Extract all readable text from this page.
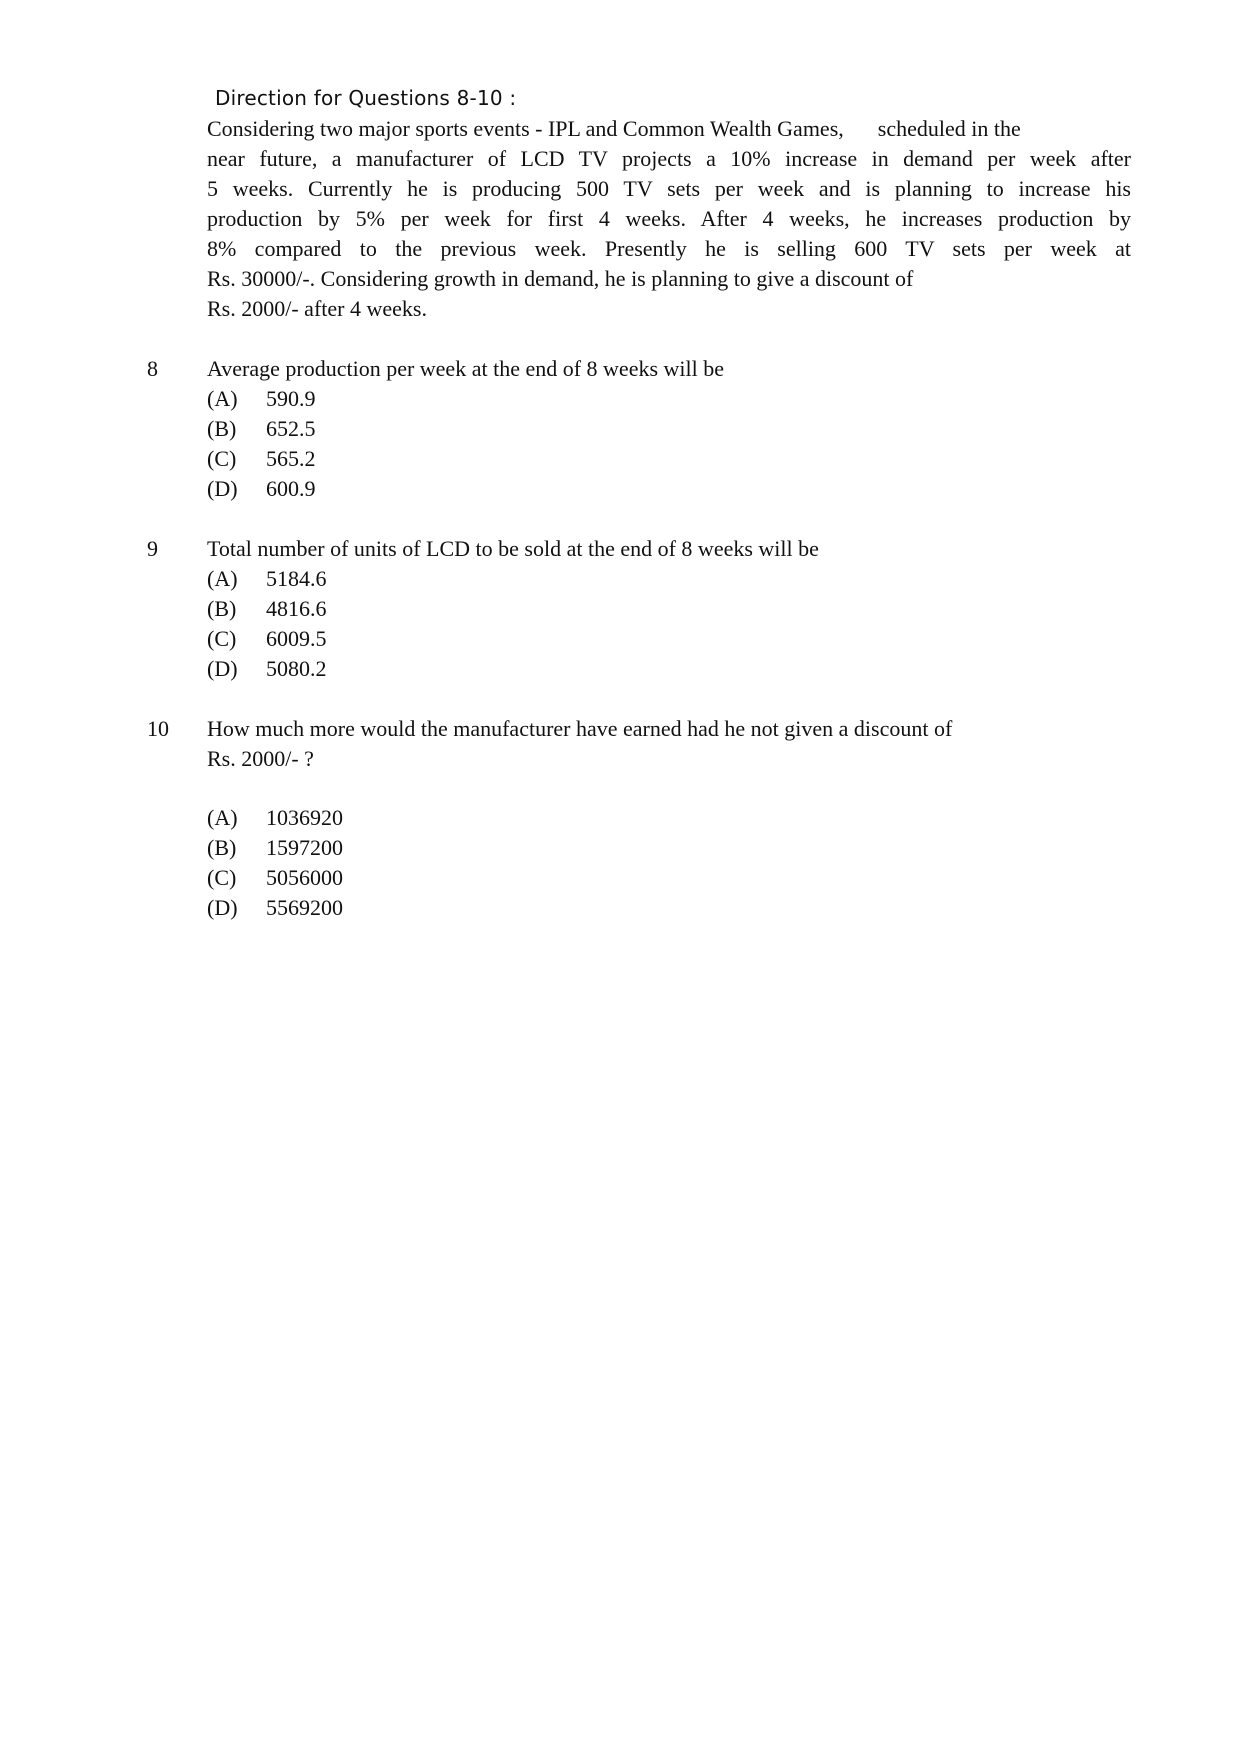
Direction for Questions 8-10 :
Considering two major sports events - IPL and Common Wealth Games, scheduled in the
near future, a manufacturer of LCD TV projects a 10% increase in demand per week after
5 weeks. Currently he is producing 500 TV sets per week and is planning to increase his
production by 5% per week for first 4 weeks. After 4 weeks, he increases production by
8% compared to the previous week. Presently he is selling 600 TV sets per week at
Rs. 30000/-. Considering growth in demand, he is planning to give a discount of
Rs. 2000/- after 4 weeks.
8	Average production per week at the end of 8 weeks will be
(A) 590.9
(B) 652.5
(C) 565.2
(D) 600.9
9	Total number of units of LCD to be sold at the end of 8 weeks will be
(A) 5184.6
(B) 4816.6
(C) 6009.5
(D) 5080.2
10	How much more would the manufacturer have earned had he not given a discount of
Rs. 2000/- ?
(A) 1036920
(B) 1597200
(C) 5056000
(D) 5569200
